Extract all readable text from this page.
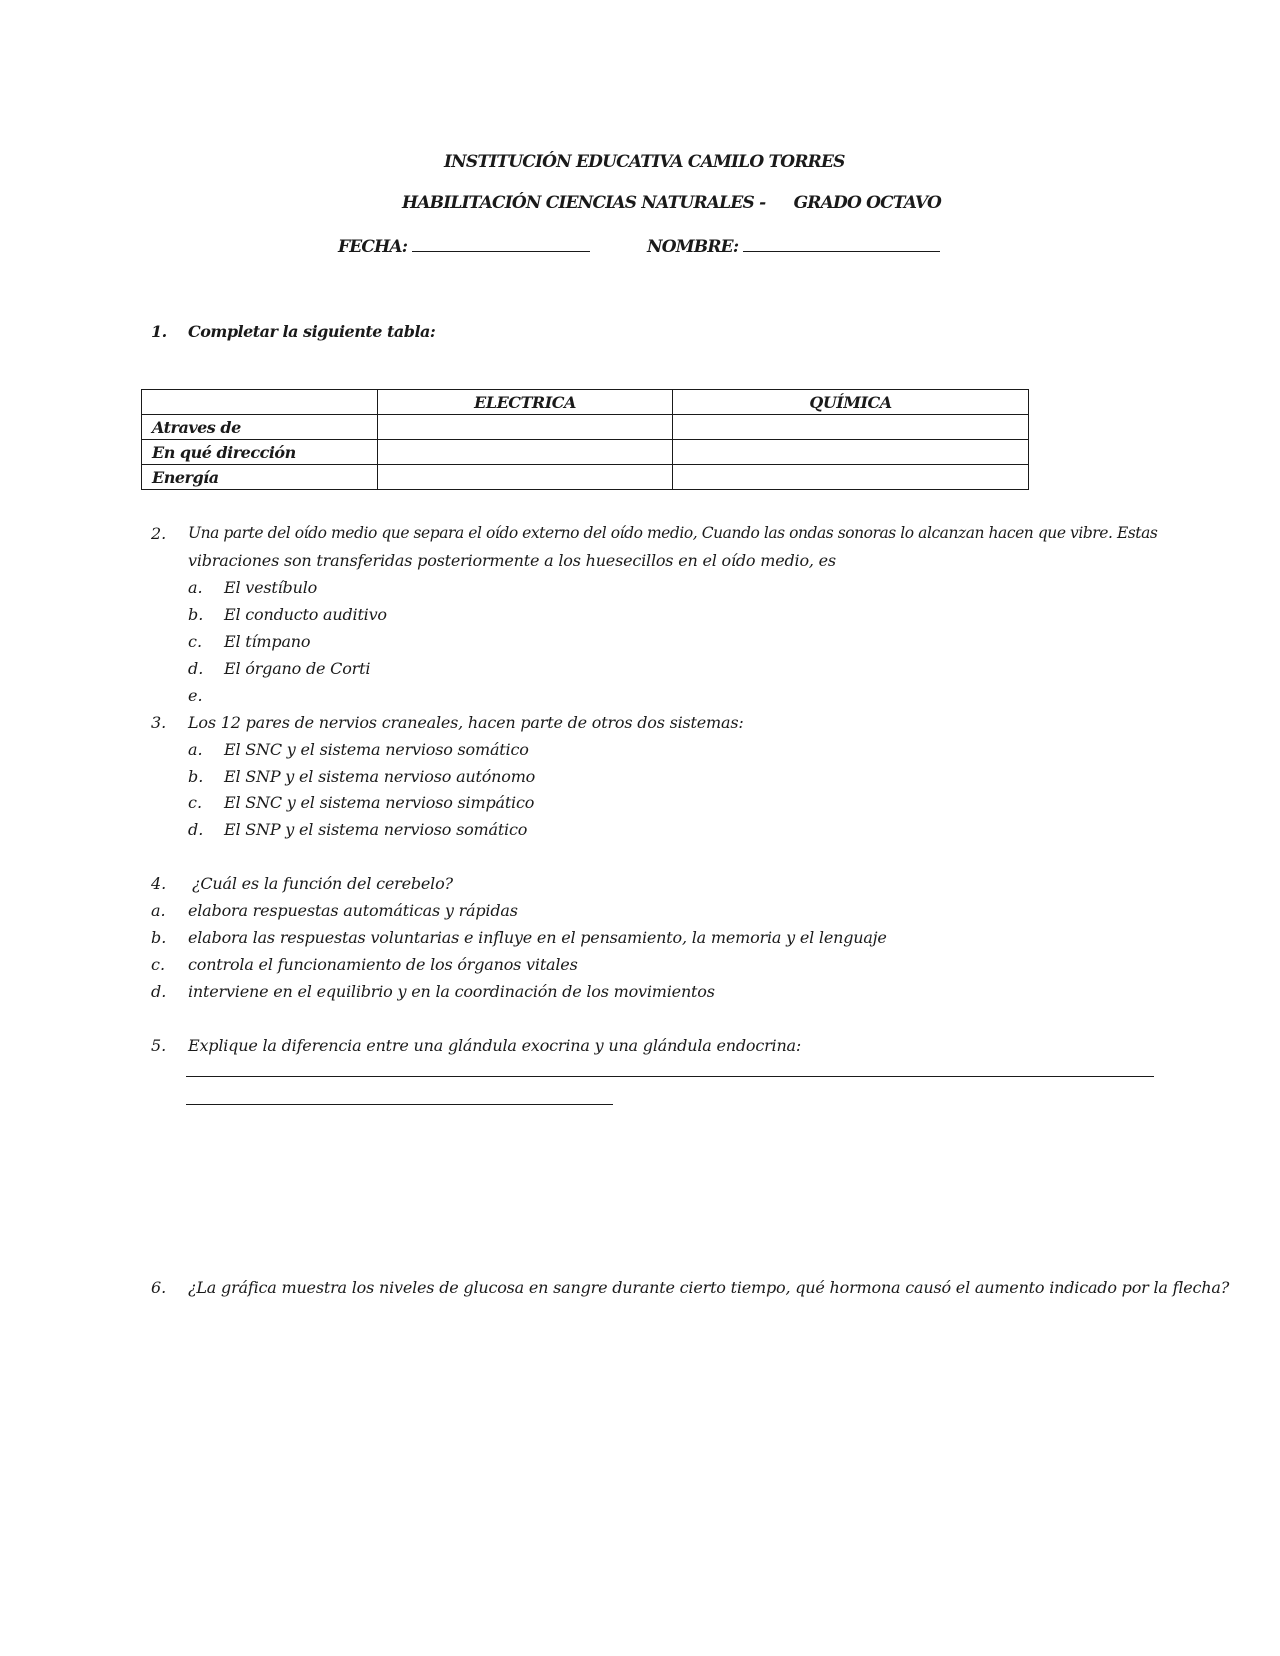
INSTITUCIÓN EDUCATIVA CAMILO TORRES
HABILITACIÓN CIENCIAS NATURALES - GRADO OCTAVO
FECHA:	NOMBRE:
1. Completar la siguiente tabla:
	ELECTRICA	QUÍMICA
Atraves de		
En qué dirección		
Energía		
2. Una parte del oído medio que separa el oído externo del oído medio, Cuando las ondas sonoras lo alcanzan hacen que vibre. Estas
vibraciones son transferidas posteriormente a los huesecillos en el oído medio, es
a. El vestíbulo
b. El conducto auditivo
c. El tímpano
d. El órgano de Corti
e.
3. Los 12 pares de nervios craneales, hacen parte de otros dos sistemas:
a. El SNC y el sistema nervioso somático
b. El SNP y el sistema nervioso autónomo
c. El SNC y el sistema nervioso simpático
d. El SNP y el sistema nervioso somático
4. ¿Cuál es la función del cerebelo?
a. elabora respuestas automáticas y rápidas
b. elabora las respuestas voluntarias e influye en el pensamiento, la memoria y el lenguaje
c. controla el funcionamiento de los órganos vitales
d. interviene en el equilibrio y en la coordinación de los movimientos
5. Explique la diferencia entre una glándula exocrina y una glándula endocrina:
6. ¿La gráfica muestra los niveles de glucosa en sangre durante cierto tiempo, qué hormona causó el aumento indicado por la flecha?
